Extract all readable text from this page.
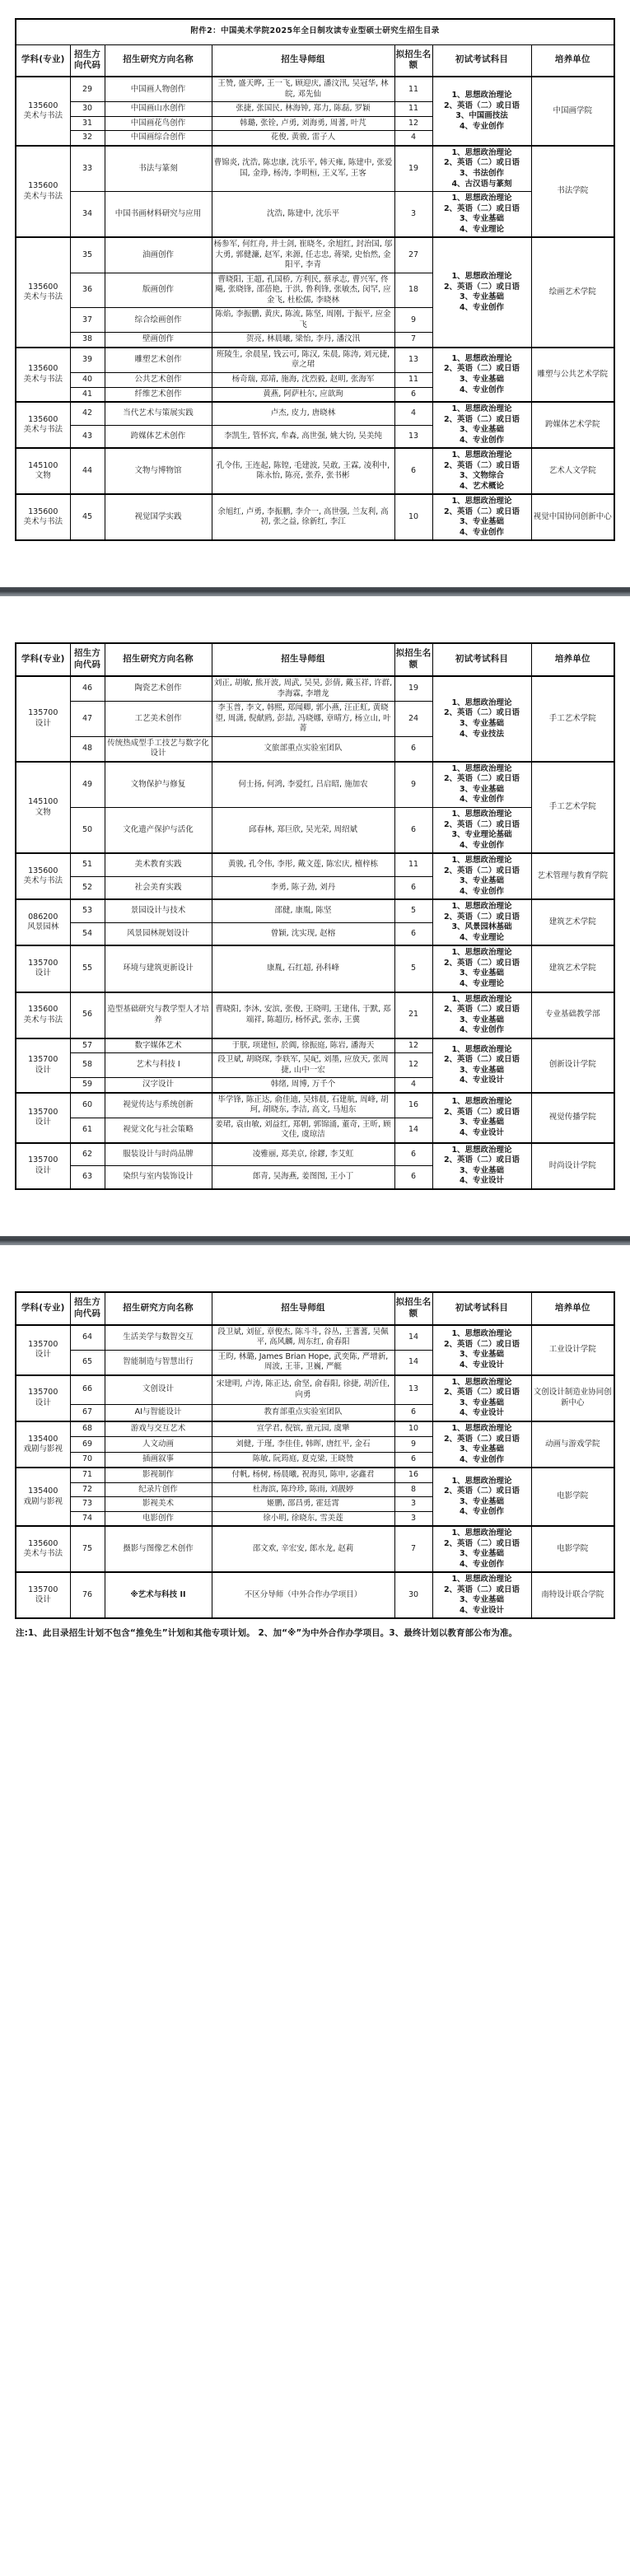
附件2：中国美术学院2025年全日制攻读专业型硕士研究生招生目录						
学科(专业)	招生方向代码	招生研究方向名称	招生导师组	拟招生名额	初试考试科目	培养单位
135600
美术与书法	29	中国画人物创作	王赞, 盛天晔, 王一飞, 顾迎庆, 潘汶汛, 吴冠华, 林皖, 邓先仙	11	1、思想政治理论
2、英语（二）或日语
3、中国画技法
4、专业创作	中国画学院
	30	中国画山水创作	张捷, 张国民, 林海钟, 郑力, 陈磊, 罗颖	11		
	31	中国画花鸟创作	韩璐, 张铨, 卢勇, 刘海勇, 周蓍, 叶芃	12		
	32	中国画综合创作	花俊, 黄骏, 雷子人	4		
135600
美术与书法	33	书法与篆刻	曹锦炎, 沈浩, 陈忠康, 沈乐平, 韩天雍, 陈建中, 张爱国, 金琤, 杨涛, 李明桓, 王义军, 王客	19	1、思想政治理论
2、英语（二）或日语
3、书法创作
4、古汉语与篆刻	书法学院
	34	中国书画材料研究与应用	沈浩, 陈建中, 沈乐平	3	1、思想政治理论
2、英语（二）或日语
3、专业基础
4、专业理论	

135600
美术与书法	35	油画创作	杨参军, 何红舟, 井士剑, 崔晓冬, 余旭红, 封治国, 邬大勇, 郭健濂, 赵军, 来源, 任志忠, 蒋梁, 史怡然, 金阳平, 李青	27	1、思想政治理论
2、英语（二）或日语
3、专业基础
4、专业创作	绘画艺术学院
	36	版画创作	曹晓阳, 王超, 孔国桥, 方利民, 蔡承志, 曹兴军, 佟飚, 张晓锋, 邵蓓艳, 于洪, 鲁利锋, 张敏杰, 闵罕, 应金飞, 杜松儒, 李晓林	18		
	37	综合绘画创作	陈焰, 李振鹏, 黄庆, 陈流, 陈坚, 周刚, 于振平, 应金飞	9		
	38	壁画创作	贺亮, 林晨曦, 梁怡, 李丹, 潘汶汛	7		
135600
美术与书法	39	雕塑艺术创作	班陵生, 余晨星, 钱云可, 陈汉, 朱晨, 陈涛, 刘元捷, 章之珺	13	1、思想政治理论
2、英语（二）或日语
3、专业基础
4、专业创作	雕塑与公共艺术学院
	40	公共艺术创作	杨奇瑞, 郑靖, 施海, 沈烈毅, 赵明, 张海军	11		
	41	纤维艺术创作	黄燕, 阿萨杜尔, 应歆珣	6		
135600
美术与书法	42	当代艺术与策展实践	卢杰, 皮力, 唐晓林	4	1、思想政治理论
2、英语（二）或日语
3、专业基础
4、专业创作	跨媒体艺术学院
	43	跨媒体艺术创作	李凯生, 管怀宾, 牟森, 高世强, 姚大钧, 吴美纯	13		
145100
文物	44	文物与博物馆	孔令伟, 王连起, 陈锽, 毛建波, 吴敢, 王霖, 凌利中, 陈永怡, 陈亮, 张乔, 张书彬	6	1、思想政治理论
2、英语（二）或日语
3、文物综合
4、艺术概论	艺术人文学院
135600
美术与书法	45	视觉国学实践	余旭红, 卢勇, 李振鹏, 李介一, 高世强, 兰友利, 高初, 张之益, 徐新红, 李江	10	1、思想政治理论
2、英语（二）或日语
3、专业基础
4、专业创作	视觉中国协同创新中心
学科(专业)	招生方向代码	招生研究方向名称	招生导师组	拟招生名额	初试考试科目	培养单位
135700
设计	46	陶瓷艺术创作	刘正, 胡敏, 熊开波, 周武, 吴昊, 彭倩, 戴玉祥, 许群, 李海霖, 李增龙	19	1、思想政治理论
2、英语（二）或日语
3、专业基础
4、专业技法	手工艺术学院
	47	工艺美术创作	李玉普, 李文, 韩熙, 郑闻卿, 郭小燕, 汪正虹, 黄晓望, 周潇, 倪献鸥, 彭喆, 冯晓娜, 章晴方, 杨立山, 叶菁	24		
	48	传统热成型手工技艺与数字化设计	文旅部重点实验室团队	6		
145100
文物	49	文物保护与修复	何士扬, 何鸿, 李爱红, 吕启昭, 施加农	9	1、思想政治理论
2、英语（二）或日语
3、专业基础
4、专业创作	手工艺术学院
	50	文化遗产保护与活化	邱春林, 郑巨欣, 吴光荣, 周绍斌	6	1、思想政治理论
2、英语（二）或日语
3、专业理论基础
4、专业创作	

135600
美术与书法	51	美术教育实践	黄骏, 孔令伟, 李彤, 戴文莲, 陈宏庆, 檀梓栋	11	1、思想政治理论
2、英语（二）或日语
3、专业基础
4、专业创作	艺术管理与教育学院
	52	社会美育实践	李勇, 陈子劲, 刘丹	6		
086200
风景园林	53	景园设计与技术	邵健, 康胤, 陈坚	5	1、思想政治理论
2、英语（二）或日语
3、风景园林基础
4、专业理论	建筑艺术学院
	54	风景园林规划设计	曾颖, 沈实现, 赵榕	6		
135700
设计	55	环境与建筑更新设计	康胤, 石红超, 孙科峰	5	1、思想政治理论
2、英语（二）或日语
3、专业基础
4、专业理论	建筑艺术学院
135600
美术与书法	56	造型基础研究与教学型人才培养	曹晓阳, 李沐, 安滨, 张俊, 王晓明, 王建伟, 于默, 郑端祥, 陈超历, 杨怀武, 张赤, 王冀	21	1、思想政治理论
2、英语（二）或日语
3、专业基础
4、专业创作	专业基础教学部
135700
设计	57	数字媒体艺术	于朕, 项建恒, 於阗, 徐振庭, 陈岩, 潘海天	12	1、思想政治理论
2、英语（二）或日语
3、专业基础
4、专业设计	创新设计学院
	58	艺术与科技 I	段卫斌, 胡晓琛, 李轶军, 吴屺, 刘墨, 应放天, 张周捷, 山中一宏	12		
	59	汉字设计	韩绪, 周博, 万千个	4		
135700
设计	60	视觉传达与系统创新	毕学锋, 陈正达, 俞佳迪, 吴炜晨, 石建航, 周峰, 胡珂, 胡晓东, 李洁, 高文, 马旭东	16	1、思想政治理论
2、英语（二）或日语
3、专业基础
4、专业设计	视觉传播学院
	61	视觉文化与社会策略	姜珺, 袁由敏, 刘益红, 郑朝, 郭锦涌, 董奇, 王昕, 顾文佳, 虞琼洁	14		
135700
设计	62	服装设计与时尚品牌	凌雅丽, 郑美京, 徐鏐, 李艾虹	6	1、思想政治理论
2、英语（二）或日语
3、专业基础
4、专业设计	时尚设计学院
	63	染织与室内装饰设计	郎青, 吴海燕, 姜图图, 王小丁	6		
学科(专业)	招生方向代码	招生研究方向名称	招生导师组	拟招生名额	初试考试科目	培养单位
135700
设计	64	生活美学与数智交互	段卫斌, 刘征, 章俊杰, 陈斗斗, 谷丛, 王蓍蓍, 吴佩平, 高风麟, 周东红, 俞春阳	14	1、思想政治理论
2、英语（二）或日语
3、专业基础
4、专业设计	工业设计学院
	65	智能制造与智慧出行	王昀, 林璐, James Brian Hope, 武奕陈, 严增新, 周波, 王菲, 卫巍, 严艇	14		
135700
设计	66	文创设计	宋建明, 卢涛, 陈正达, 俞坚, 俞春阳, 徐捷, 胡沂佳, 向勇	13	1、思想政治理论
2、英语（二）或日语
3、专业基础
4、专业设计	文创设计制造业协同创新中心
	67	AI与智能设计	教育部重点实验室团队	6		
135400
戏剧与影视	68	游戏与交互艺术	宣学君, 倪镔, 童元园, 虞犟	10	1、思想政治理论
2、英语（二）或日语
3、专业基础
4、专业创作	动画与游戏学院
	69	人文动画	刘健, 于瑾, 李佳佳, 韩晖, 唐红平, 金石	9		
	70	插画叙事	陈敏, 阮筠庭, 夏克梁, 王晓赞	6		
135400
戏剧与影视	71	影视制作	付帆, 杨树, 杨晨曦, 祝海贝, 陈申, 宓鑫君	16	1、思想政治理论
2、英语（二）或日语
3、专业基础
4、专业创作	电影学院
	72	纪录片创作	杜海滨, 陈玲珍, 陈雨, 刘靓婷	8		
	73	影视美术	姬鹏, 邵昌勇, 霍廷霄	3		
	74	电影创作	徐小明, 徐晓东, 雪美莲	3		
135600
美术与书法	75	摄影与图像艺术创作	邵文欢, 辛宏安, 郎水龙, 赵莉	7	1、思想政治理论
2、英语（二）或日语
3、专业基础
4、专业创作	电影学院
135700
设计	76	※艺术与科技 II	不区分导师（中外合作办学项目）	30	1、思想政治理论
2、英语（二）或日语
3、专业基础
4、专业设计	南特设计联合学院
注:1、此目录招生计划不包含“推免生”计划和其他专项计划。 2、加“※”为中外合作办学项目。3、最终计划以教育部公布为准。
